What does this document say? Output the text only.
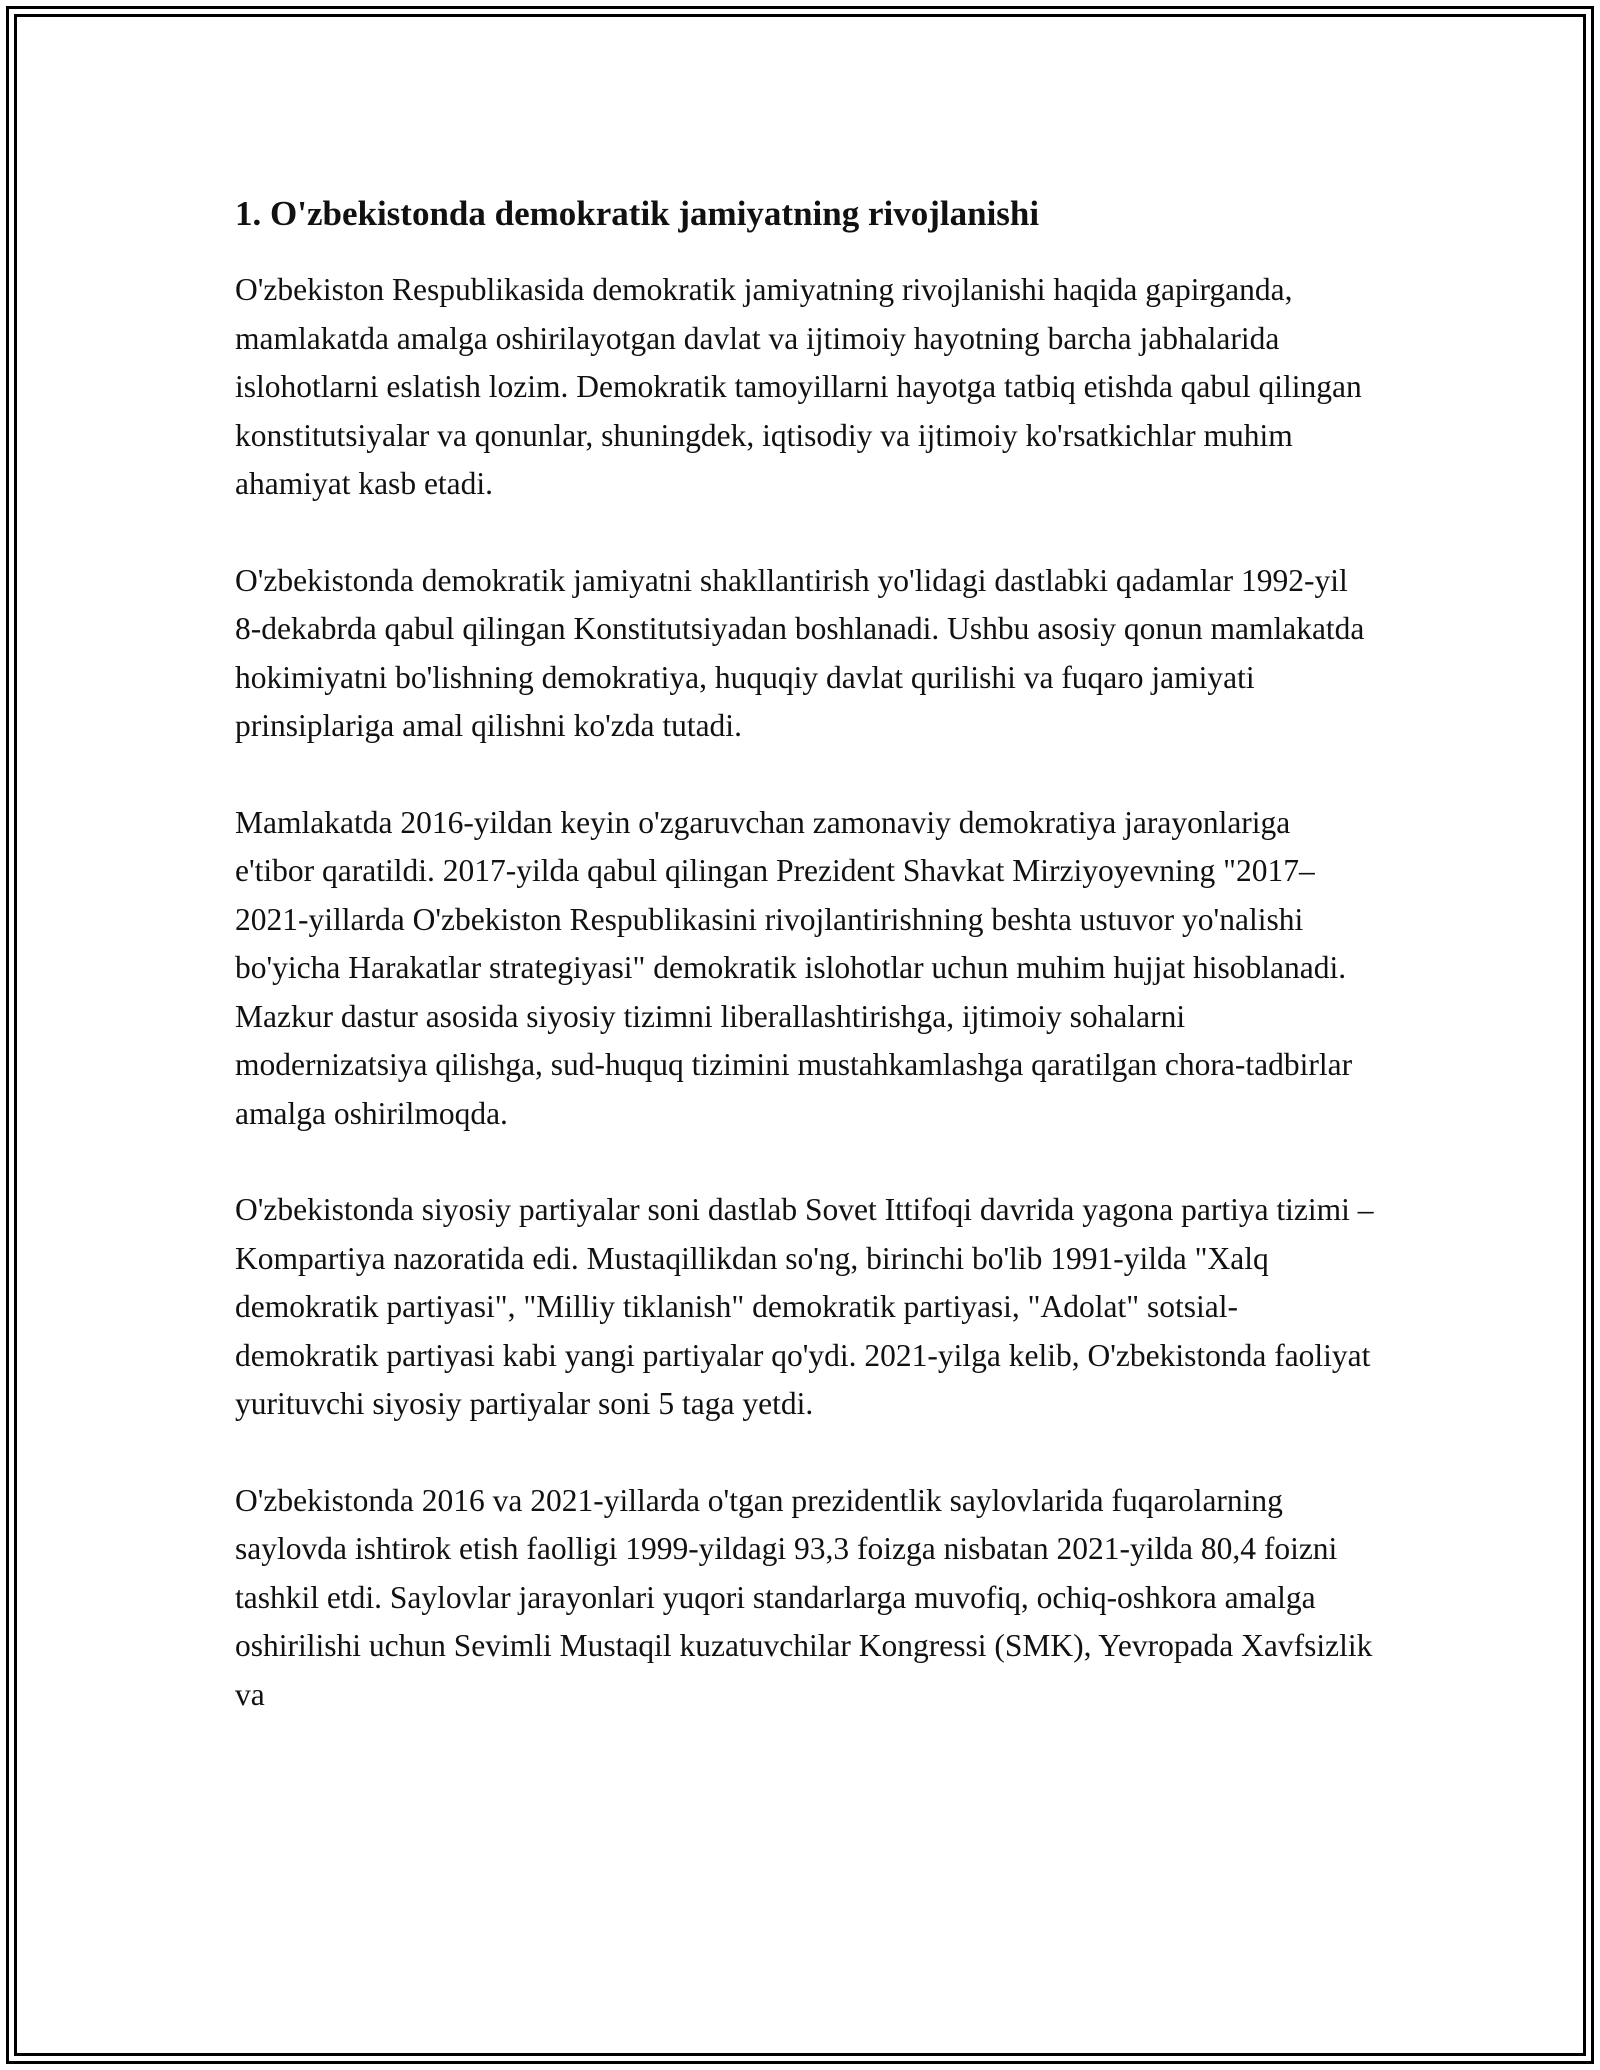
1. O'zbekistonda demokratik jamiyatning rivojlanishi

O'zbekiston Respublikasida demokratik jamiyatning rivojlanishi haqida gapirganda, mamlakatda amalga oshirilayotgan davlat va ijtimoiy hayotning barcha jabhalarida islohotlarni eslatish lozim. Demokratik tamoyillarni hayotga tatbiq etishda qabul qilingan konstitutsiyalar va qonunlar, shuningdek, iqtisodiy va ijtimoiy ko'rsatkichlar muhim ahamiyat kasb etadi.

O'zbekistonda demokratik jamiyatni shakllantirish yo'lidagi dastlabki qadamlar 1992-yil 8-dekabrda qabul qilingan Konstitutsiyadan boshlanadi. Ushbu asosiy qonun mamlakatda hokimiyatni bo'lishning demokratiya, huquqiy davlat qurilishi va fuqaro jamiyati prinsiplariga amal qilishni ko'zda tutadi.

Mamlakatda 2016-yildan keyin o'zgaruvchan zamonaviy demokratiya jarayonlariga e'tibor qaratildi. 2017-yilda qabul qilingan Prezident Shavkat Mirziyoyevning "2017–2021-yillarda O'zbekiston Respublikasini rivojlantirishning beshta ustuvor yo'nalishi bo'yicha Harakatlar strategiyasi" demokratik islohotlar uchun muhim hujjat hisoblanadi. Mazkur dastur asosida siyosiy tizimni liberallashtirishga, ijtimoiy sohalarni modernizatsiya qilishga, sud-huquq tizimini mustahkamlashga qaratilgan chora-tadbirlar amalga oshirilmoqda.

O'zbekistonda siyosiy partiyalar soni dastlab Sovet Ittifoqi davrida yagona partiya tizimi – Kompartiya nazoratida edi. Mustaqillikdan so'ng, birinchi bo'lib 1991-yilda "Xalq demokratik partiyasi", "Milliy tiklanish" demokratik partiyasi, "Adolat" sotsial-demokratik partiyasi kabi yangi partiyalar qo'ydi. 2021-yilga kelib, O'zbekistonda faoliyat yurituvchi siyosiy partiyalar soni 5 taga yetdi.

O'zbekistonda 2016 va 2021-yillarda o'tgan prezidentlik saylovlarida fuqarolarning saylovda ishtirok etish faolligi 1999-yildagi 93,3 foizga nisbatan 2021-yilda 80,4 foizni tashkil etdi. Saylovlar jarayonlari yuqori standarlarga muvofiq, ochiq-oshkora amalga oshirilishi uchun Sevimli Mustaqil kuzatuvchilar Kongressi (SMK), Yevropada Xavfsizlik va
